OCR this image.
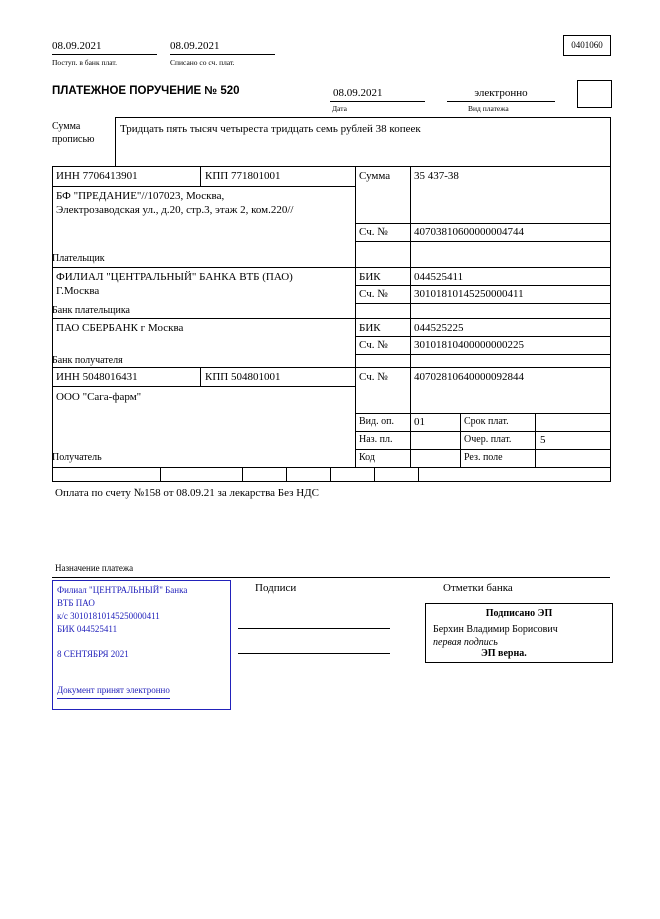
08.09.2021
Поступ. в банк плат.
08.09.2021
Списано со сч. плат.
0401060
ПЛАТЕЖНОЕ ПОРУЧЕНИЕ № 520	08.09.2021
Дата
электронно
Вид платежа
Сумма
прописью
Тридцать пять тысяч четыреста тридцать семь рублей 38 копеек
ИНН 7706413901	КПП 771801001	Сумма 35 437-38
БФ "ПРЕДАНИЕ"//107023, Москва, Электрозаводская ул., д.20, стр.3, этаж 2, ком.220//
Сч. № 40703810600000004744
Плательщик
ФИЛИАЛ "ЦЕНТРАЛЬНЫЙ" БАНКА ВТБ (ПАО) Г.Москва
БИК	044525411
Сч. № 30101810145250000411
Банк плательщика
ПАО СБЕРБАНК г Москва	БИК	044525225
Сч. № 30101810400000000225
Банк получателя
ИНН 5048016431	КПП 504801001	Сч. № 40702810640000092844
ООО "Сага-фарм"
Вид. оп. 01	Срок плат.
Наз. пл.	Очер. плат.	5
Код	Рез. поле
Получатель
Оплата по счету №158 от 08.09.21 за лекарства Без НДС
Назначение платежа
Подписи	Отметки банка
Филиал "ЦЕНТРАЛЬНЫЙ" Банка
ВТБ ПАО
к/с 30101810145250000411
БИК 044525411
8 СЕНТЯБРЯ 2021
Документ принят электронно
Подписано ЭП
Берхин Владимир Борисович
первая подпись
ЭП верна.
